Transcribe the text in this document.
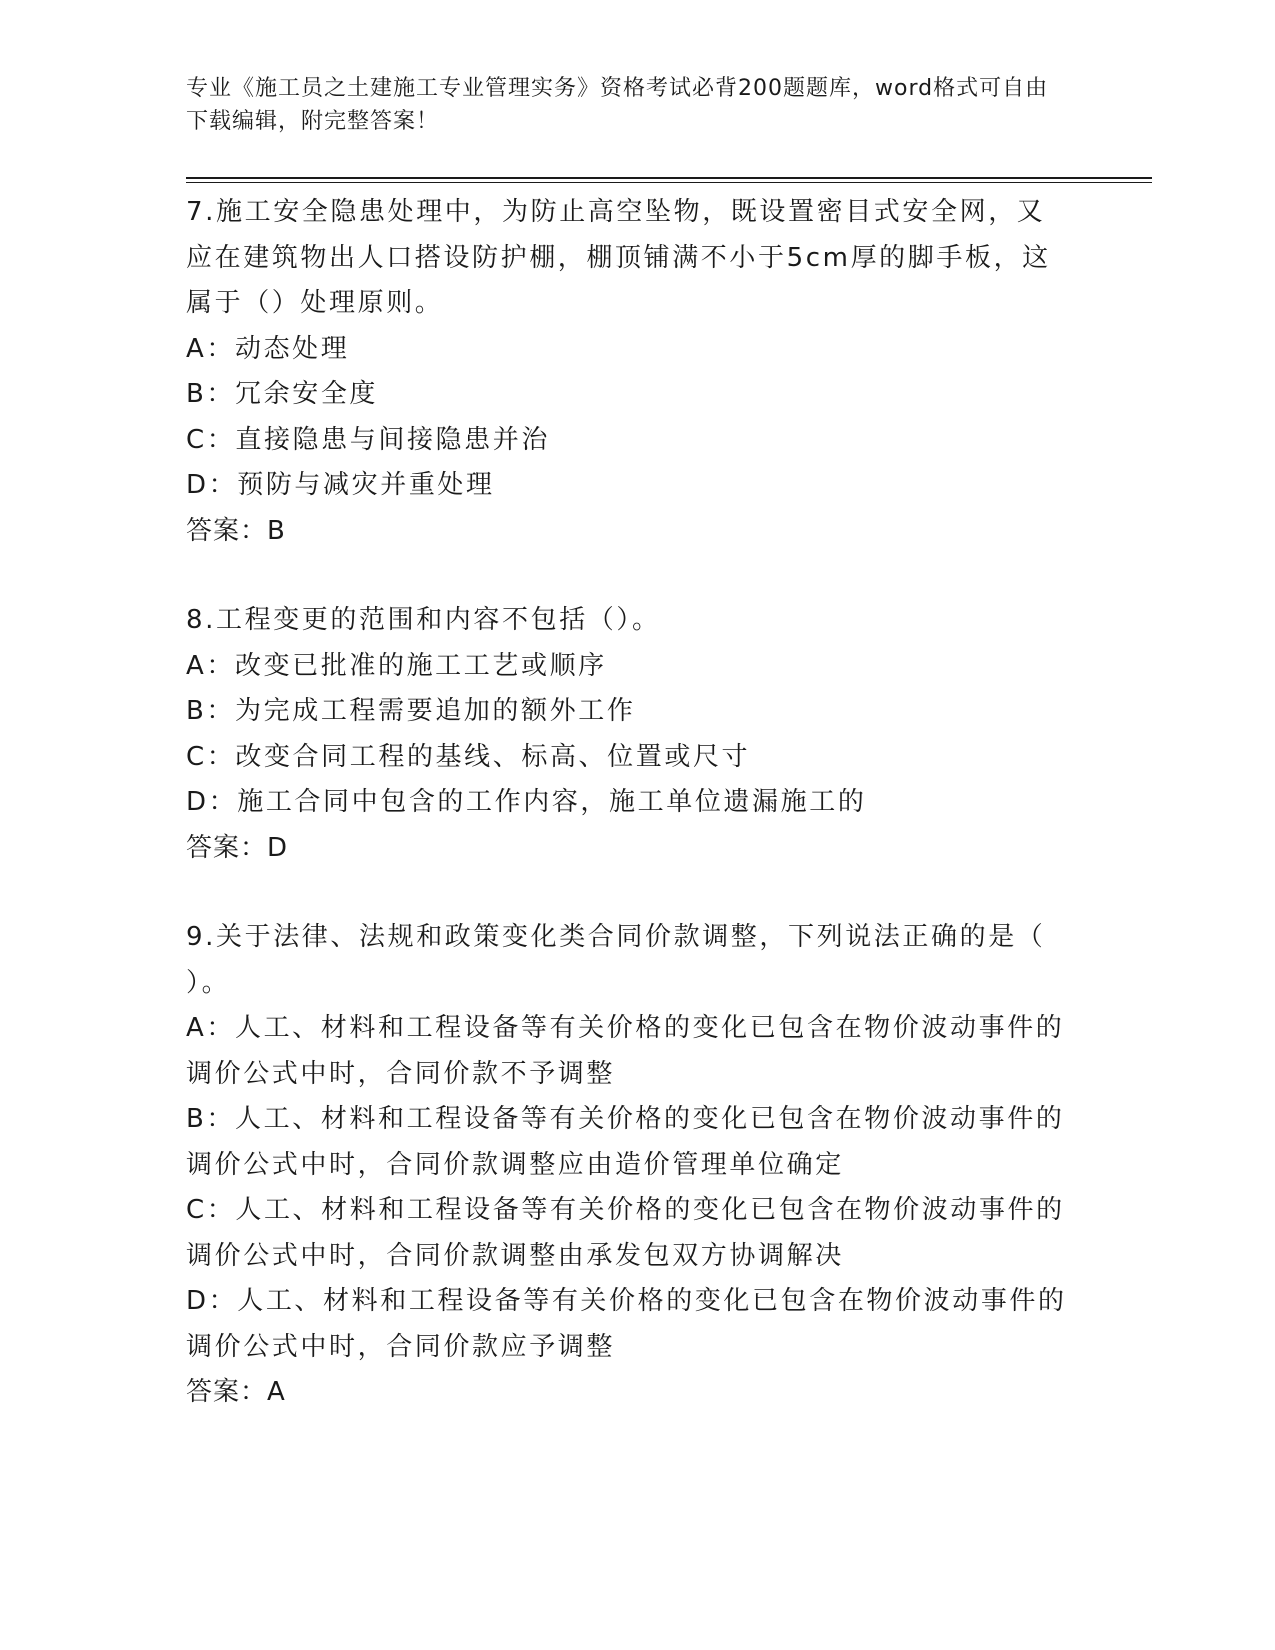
专业《施工员之土建施工专业管理实务》资格考试必背200题题库，word格式可自由下载编辑，附完整答案！
7.施工安全隐患处理中，为防止高空坠物，既设置密目式安全网，又
应在建筑物出人口搭设防护棚，棚顶铺满不小于5cm厚的脚手板，这
属于（）处理原则。
A：动态处理
B：冗余安全度
C：直接隐患与间接隐患并治
D：预防与减灾并重处理
答案：B
8.工程变更的范围和内容不包括（）。
A：改变已批准的施工工艺或顺序
B：为完成工程需要追加的额外工作
C：改变合同工程的基线、标高、位置或尺寸
D：施工合同中包含的工作内容，施工单位遗漏施工的
答案：D
9.关于法律、法规和政策变化类合同价款调整，下列说法正确的是（
）。
A：人工、材料和工程设备等有关价格的变化已包含在物价波动事件的
调价公式中时，合同价款不予调整
B：人工、材料和工程设备等有关价格的变化已包含在物价波动事件的
调价公式中时，合同价款调整应由造价管理单位确定
C：人工、材料和工程设备等有关价格的变化已包含在物价波动事件的
调价公式中时，合同价款调整由承发包双方协调解决
D：人工、材料和工程设备等有关价格的变化已包含在物价波动事件的
调价公式中时，合同价款应予调整
答案：A
